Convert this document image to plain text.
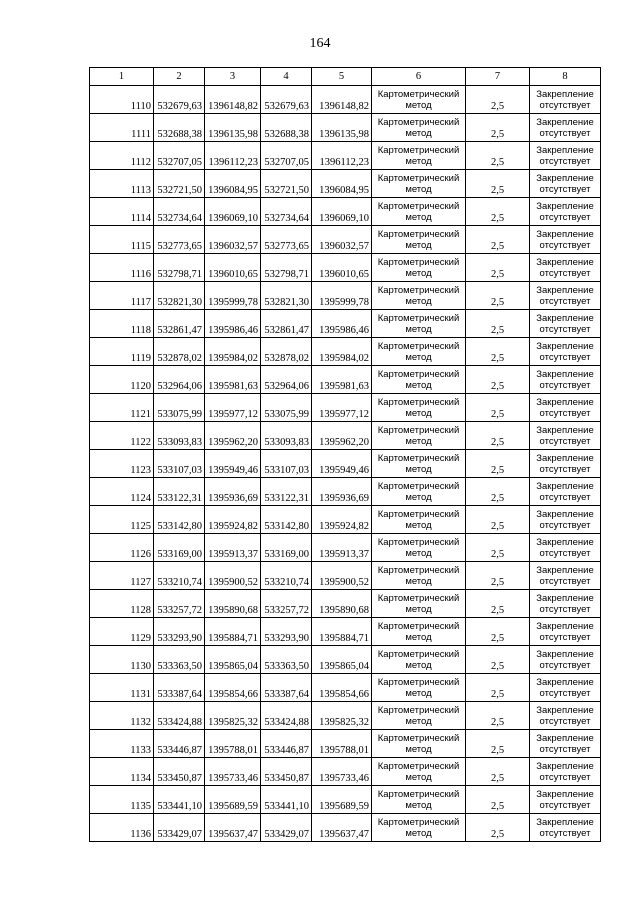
164
1	2	3	4	5	6	7	8
1110	532679,63	1396148,82	532679,63	1396148,82	Картометрический метод	2,5	Закрепление отсутствует
1111	532688,38	1396135,98	532688,38	1396135,98	Картометрический метод	2,5	Закрепление отсутствует
1112	532707,05	1396112,23	532707,05	1396112,23	Картометрический метод	2,5	Закрепление отсутствует
1113	532721,50	1396084,95	532721,50	1396084,95	Картометрический метод	2,5	Закрепление отсутствует
1114	532734,64	1396069,10	532734,64	1396069,10	Картометрический метод	2,5	Закрепление отсутствует
1115	532773,65	1396032,57	532773,65	1396032,57	Картометрический метод	2,5	Закрепление отсутствует
1116	532798,71	1396010,65	532798,71	1396010,65	Картометрический метод	2,5	Закрепление отсутствует
1117	532821,30	1395999,78	532821,30	1395999,78	Картометрический метод	2,5	Закрепление отсутствует
1118	532861,47	1395986,46	532861,47	1395986,46	Картометрический метод	2,5	Закрепление отсутствует
1119	532878,02	1395984,02	532878,02	1395984,02	Картометрический метод	2,5	Закрепление отсутствует
1120	532964,06	1395981,63	532964,06	1395981,63	Картометрический метод	2,5	Закрепление отсутствует
1121	533075,99	1395977,12	533075,99	1395977,12	Картометрический метод	2,5	Закрепление отсутствует
1122	533093,83	1395962,20	533093,83	1395962,20	Картометрический метод	2,5	Закрепление отсутствует
1123	533107,03	1395949,46	533107,03	1395949,46	Картометрический метод	2,5	Закрепление отсутствует
1124	533122,31	1395936,69	533122,31	1395936,69	Картометрический метод	2,5	Закрепление отсутствует
1125	533142,80	1395924,82	533142,80	1395924,82	Картометрический метод	2,5	Закрепление отсутствует
1126	533169,00	1395913,37	533169,00	1395913,37	Картометрический метод	2,5	Закрепление отсутствует
1127	533210,74	1395900,52	533210,74	1395900,52	Картометрический метод	2,5	Закрепление отсутствует
1128	533257,72	1395890,68	533257,72	1395890,68	Картометрический метод	2,5	Закрепление отсутствует
1129	533293,90	1395884,71	533293,90	1395884,71	Картометрический метод	2,5	Закрепление отсутствует
1130	533363,50	1395865,04	533363,50	1395865,04	Картометрический метод	2,5	Закрепление отсутствует
1131	533387,64	1395854,66	533387,64	1395854,66	Картометрический метод	2,5	Закрепление отсутствует
1132	533424,88	1395825,32	533424,88	1395825,32	Картометрический метод	2,5	Закрепление отсутствует
1133	533446,87	1395788,01	533446,87	1395788,01	Картометрический метод	2,5	Закрепление отсутствует
1134	533450,87	1395733,46	533450,87	1395733,46	Картометрический метод	2,5	Закрепление отсутствует
1135	533441,10	1395689,59	533441,10	1395689,59	Картометрический метод	2,5	Закрепление отсутствует
1136	533429,07	1395637,47	533429,07	1395637,47	Картометрический метод	2,5	Закрепление отсутствует
